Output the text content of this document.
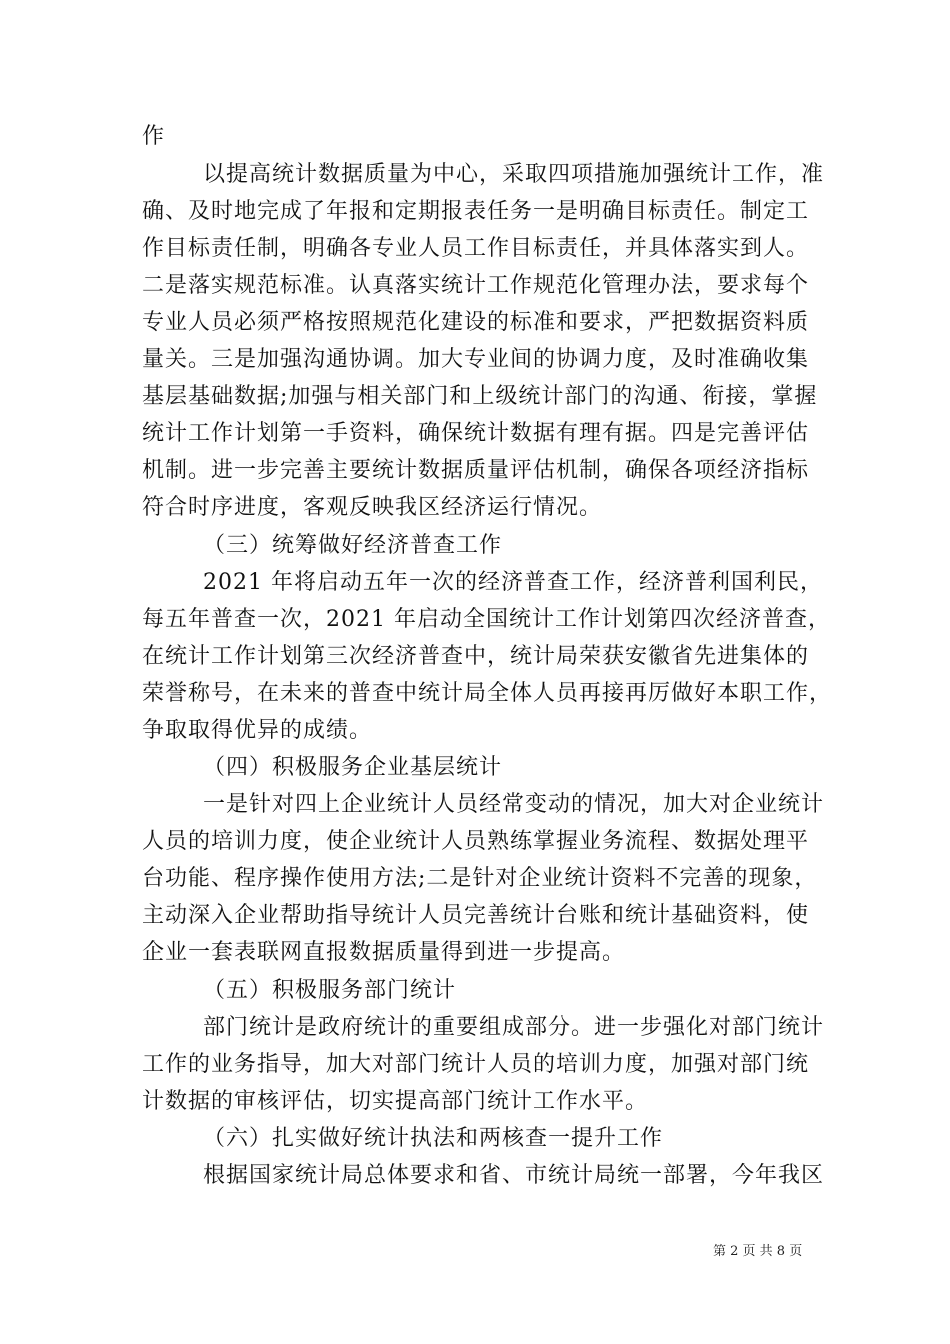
作
以提高统计数据质量为中心，采取四项措施加强统计工作，准
确、及时地完成了年报和定期报表任务一是明确目标责任。制定工
作目标责任制，明确各专业人员工作目标责任，并具体落实到人。
二是落实规范标准。认真落实统计工作规范化管理办法，要求每个
专业人员必须严格按照规范化建设的标准和要求，严把数据资料质
量关。三是加强沟通协调。加大专业间的协调力度，及时准确收集
基层基础数据;加强与相关部门和上级统计部门的沟通、衔接，掌握
统计工作计划第一手资料，确保统计数据有理有据。四是完善评估
机制。进一步完善主要统计数据质量评估机制，确保各项经济指标
符合时序进度，客观反映我区经济运行情况。
（三）统筹做好经济普查工作
2021 年将启动五年一次的经济普查工作，经济普利国利民，
每五年普查一次，2021 年启动全国统计工作计划第四次经济普查，
在统计工作计划第三次经济普查中，统计局荣获安徽省先进集体的
荣誉称号，在未来的普查中统计局全体人员再接再厉做好本职工作，
争取取得优异的成绩。
（四）积极服务企业基层统计
一是针对四上企业统计人员经常变动的情况，加大对企业统计
人员的培训力度，使企业统计人员熟练掌握业务流程、数据处理平
台功能、程序操作使用方法;二是针对企业统计资料不完善的现象，
主动深入企业帮助指导统计人员完善统计台账和统计基础资料，使
企业一套表联网直报数据质量得到进一步提高。
（五）积极服务部门统计
部门统计是政府统计的重要组成部分。进一步强化对部门统计
工作的业务指导，加大对部门统计人员的培训力度，加强对部门统
计数据的审核评估，切实提高部门统计工作水平。
（六）扎实做好统计执法和两核查一提升工作
根据国家统计局总体要求和省、市统计局统一部署，今年我区
第 2 页 共 8 页
